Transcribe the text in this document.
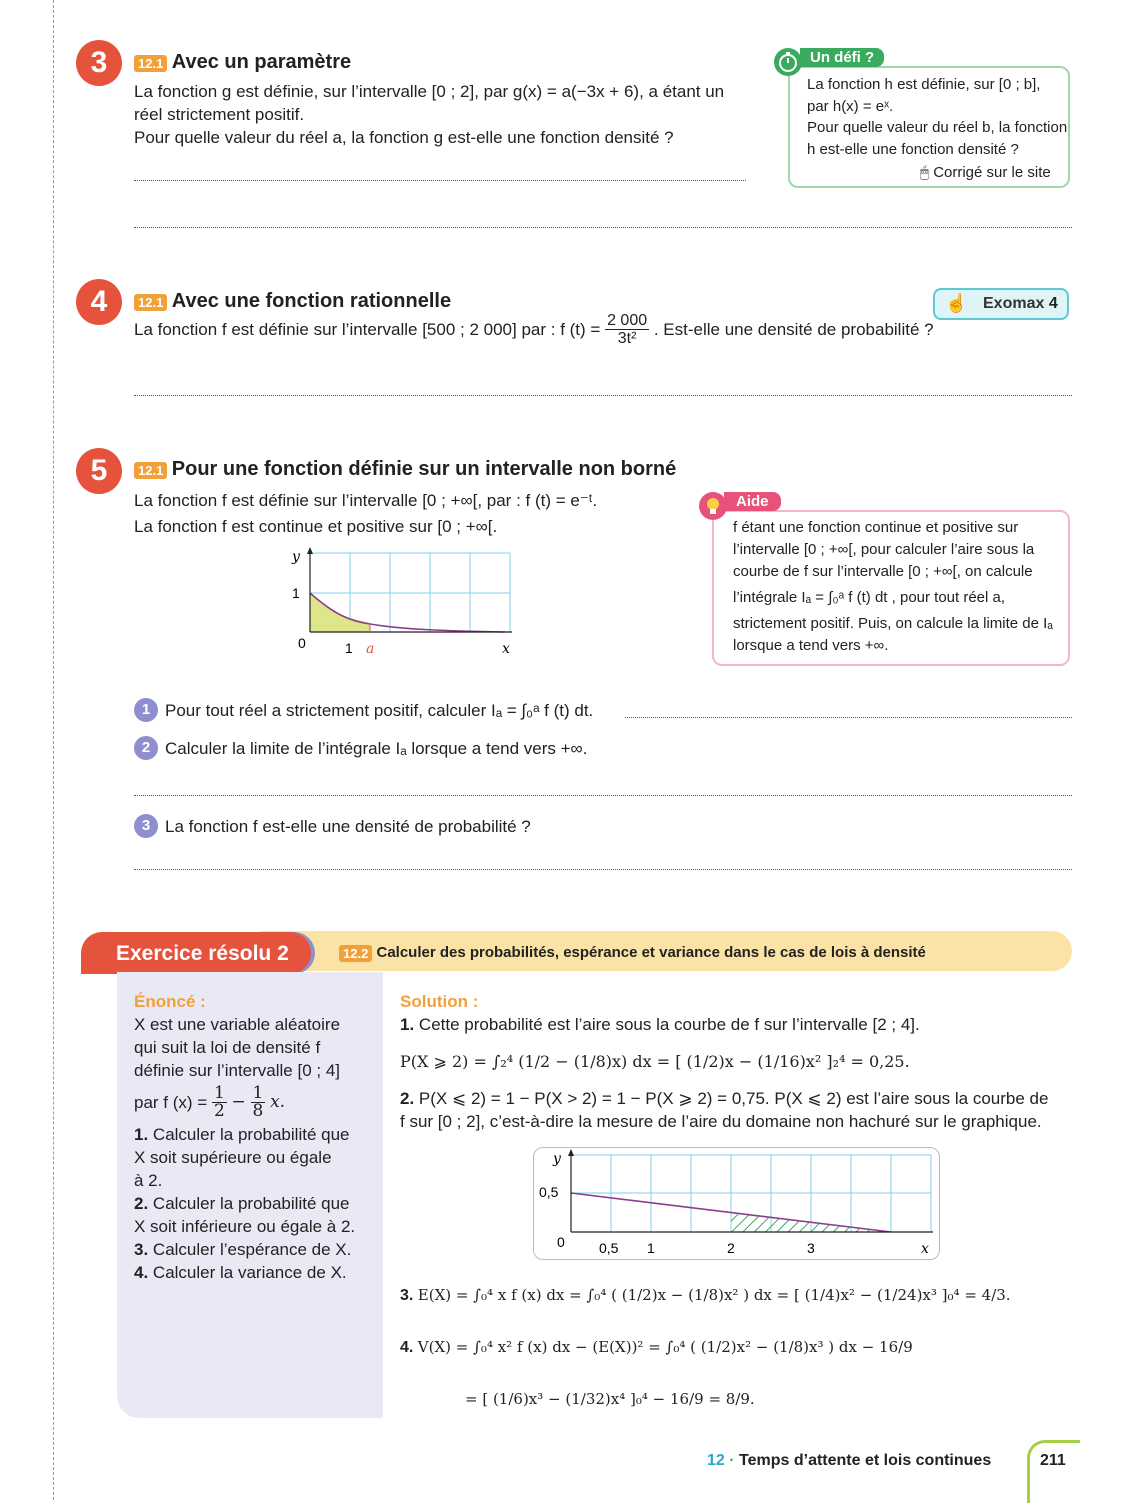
3	12.1 Avec un paramètre
La fonction g est définie, sur l’intervalle [0 ; 2], par g(x) = a(−3x + 6), a étant un
réel strictement positif.
Pour quelle valeur du réel a, la fonction g est-elle une fonction densité ?
Un défi ?
La fonction h est définie, sur [0 ; b],
par h(x) = eˣ.
Pour quelle valeur du réel b, la fonction
h est-elle une fonction densité ?
🖱 Corrigé sur le site
4	12.1 Avec une fonction rationnelle
La fonction f est définie sur l’intervalle [500 ; 2 000] par : f $(t) = \frac{2 000}{\text{3t²}}$ . Est-elle une densité de probabilité ?
☝ Exomax 4
5	12.1 Pour une fonction définie sur un intervalle non borné
La fonction f est définie sur l’intervalle [0 ; +∞[, par : f (t) = e⁻ᵗ.
La fonction f est continue et positive sur [0 ; +∞[.
y
1
0	1 a	x
Aide
f étant une fonction continue et positive sur
l’intervalle [0 ; +∞[, pour calculer l’aire sous la
courbe de f sur l’intervalle [0 ; +∞[, on calcule
l’intégrale Iₐ = ∫₀ᵃ f (t) dt , pour tout réel a,
strictement positif. Puis, on calcule la limite de Iₐ
lorsque a tend vers +∞.
1 Pour tout réel a strictement positif, calculer Iₐ = ∫₀ᵃ f (t) dt.
2 Calculer la limite de l’intégrale Iₐ lorsque a tend vers +∞.
3 La fonction f est-elle une densité de probabilité ?
Exercice résolu 2	12.2 Calculer des probabilités, espérance et variance dans le cas de lois à densité
Énoncé :
X est une variable aléatoire
qui suit la loi de densité f
définie sur l’intervalle [0 ; 4]
par f $(x) = \frac{1}{2} - \frac{1}{8} x$.
1. Calculer la probabilité que
X soit supérieure ou égale
à 2.
2. Calculer la probabilité que
X soit inférieure ou égale à 2.
3. Calculer l’espérance de X.
4. Calculer la variance de X.
Solution :
1. Cette probabilité est l’aire sous la courbe de f sur l’intervalle [2 ; 4].
P(X ⩾ 2) = ∫₂⁴ (1/2 − (1/8)x) dx = [ (1/2)x − (1/16)x² ]₂⁴ = 0,25.
2. P(X ⩽ 2) = 1 − P(X > 2) = 1 − P(X ⩾ 2) = 0,75. P(X ⩽ 2) est l’aire sous la courbe de
f sur [0 ; 2], c’est-à-dire la mesure de l’aire du domaine non hachuré sur le graphique.
y
0,5
0 0,5 1	2	3	x
3. E(X) = ∫₀⁴ x f (x) dx = ∫₀⁴ ( (1/2)x − (1/8)x² ) dx = [ (1/4)x² − (1/24)x³ ]₀⁴ = 4/3.
4. V(X) = ∫₀⁴ x² f (x) dx − (E(X))² = ∫₀⁴ ( (1/2)x² − (1/8)x³ ) dx − 16/9
= [ (1/6)x³ − (1/32)x⁴ ]₀⁴ − 16/9 = 8/9.
12 · Temps d’attente et lois continues	211
